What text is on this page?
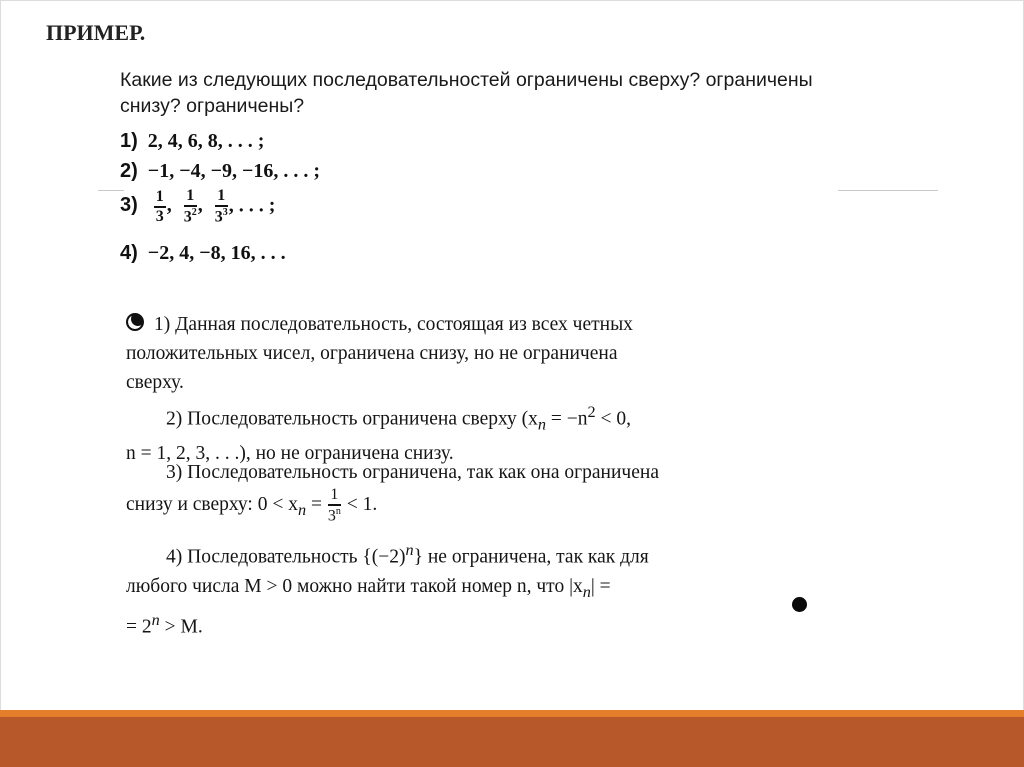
ПРИМЕР.
Какие из следующих последовательностей ограничены сверху? ограничены снизу? ограничены?
1) 2, 4, 6, 8, . . . ;
2) −1, −4, −9, −16, . . . ;
$3) \frac{1}{3}$ , $\frac{1}{3^2}$ , $\frac{1}{3^3}$ , . . . ;
4) −2, 4, −8, 16, . . .
1) Данная последовательность, состоящая из всех четных
положительных чисел, ограничена снизу, но не ограничена
сверху.
2) Последовательность ограничена сверху ($x_n = -n^2 < 0$,
n = 1, 2, 3, . . .), но не ограничена снизу.
3) Последовательность ограничена, так как она ограничена
снизу и сверху: $0 < x_n = \frac{1}{3^n} < 1$.
4) Последовательность $\{(-2)^n\}$ не ограничена, так как для
любого числа M > 0 можно найти такой номер n, что $|x_n|$ =
= $2^n > M$.
